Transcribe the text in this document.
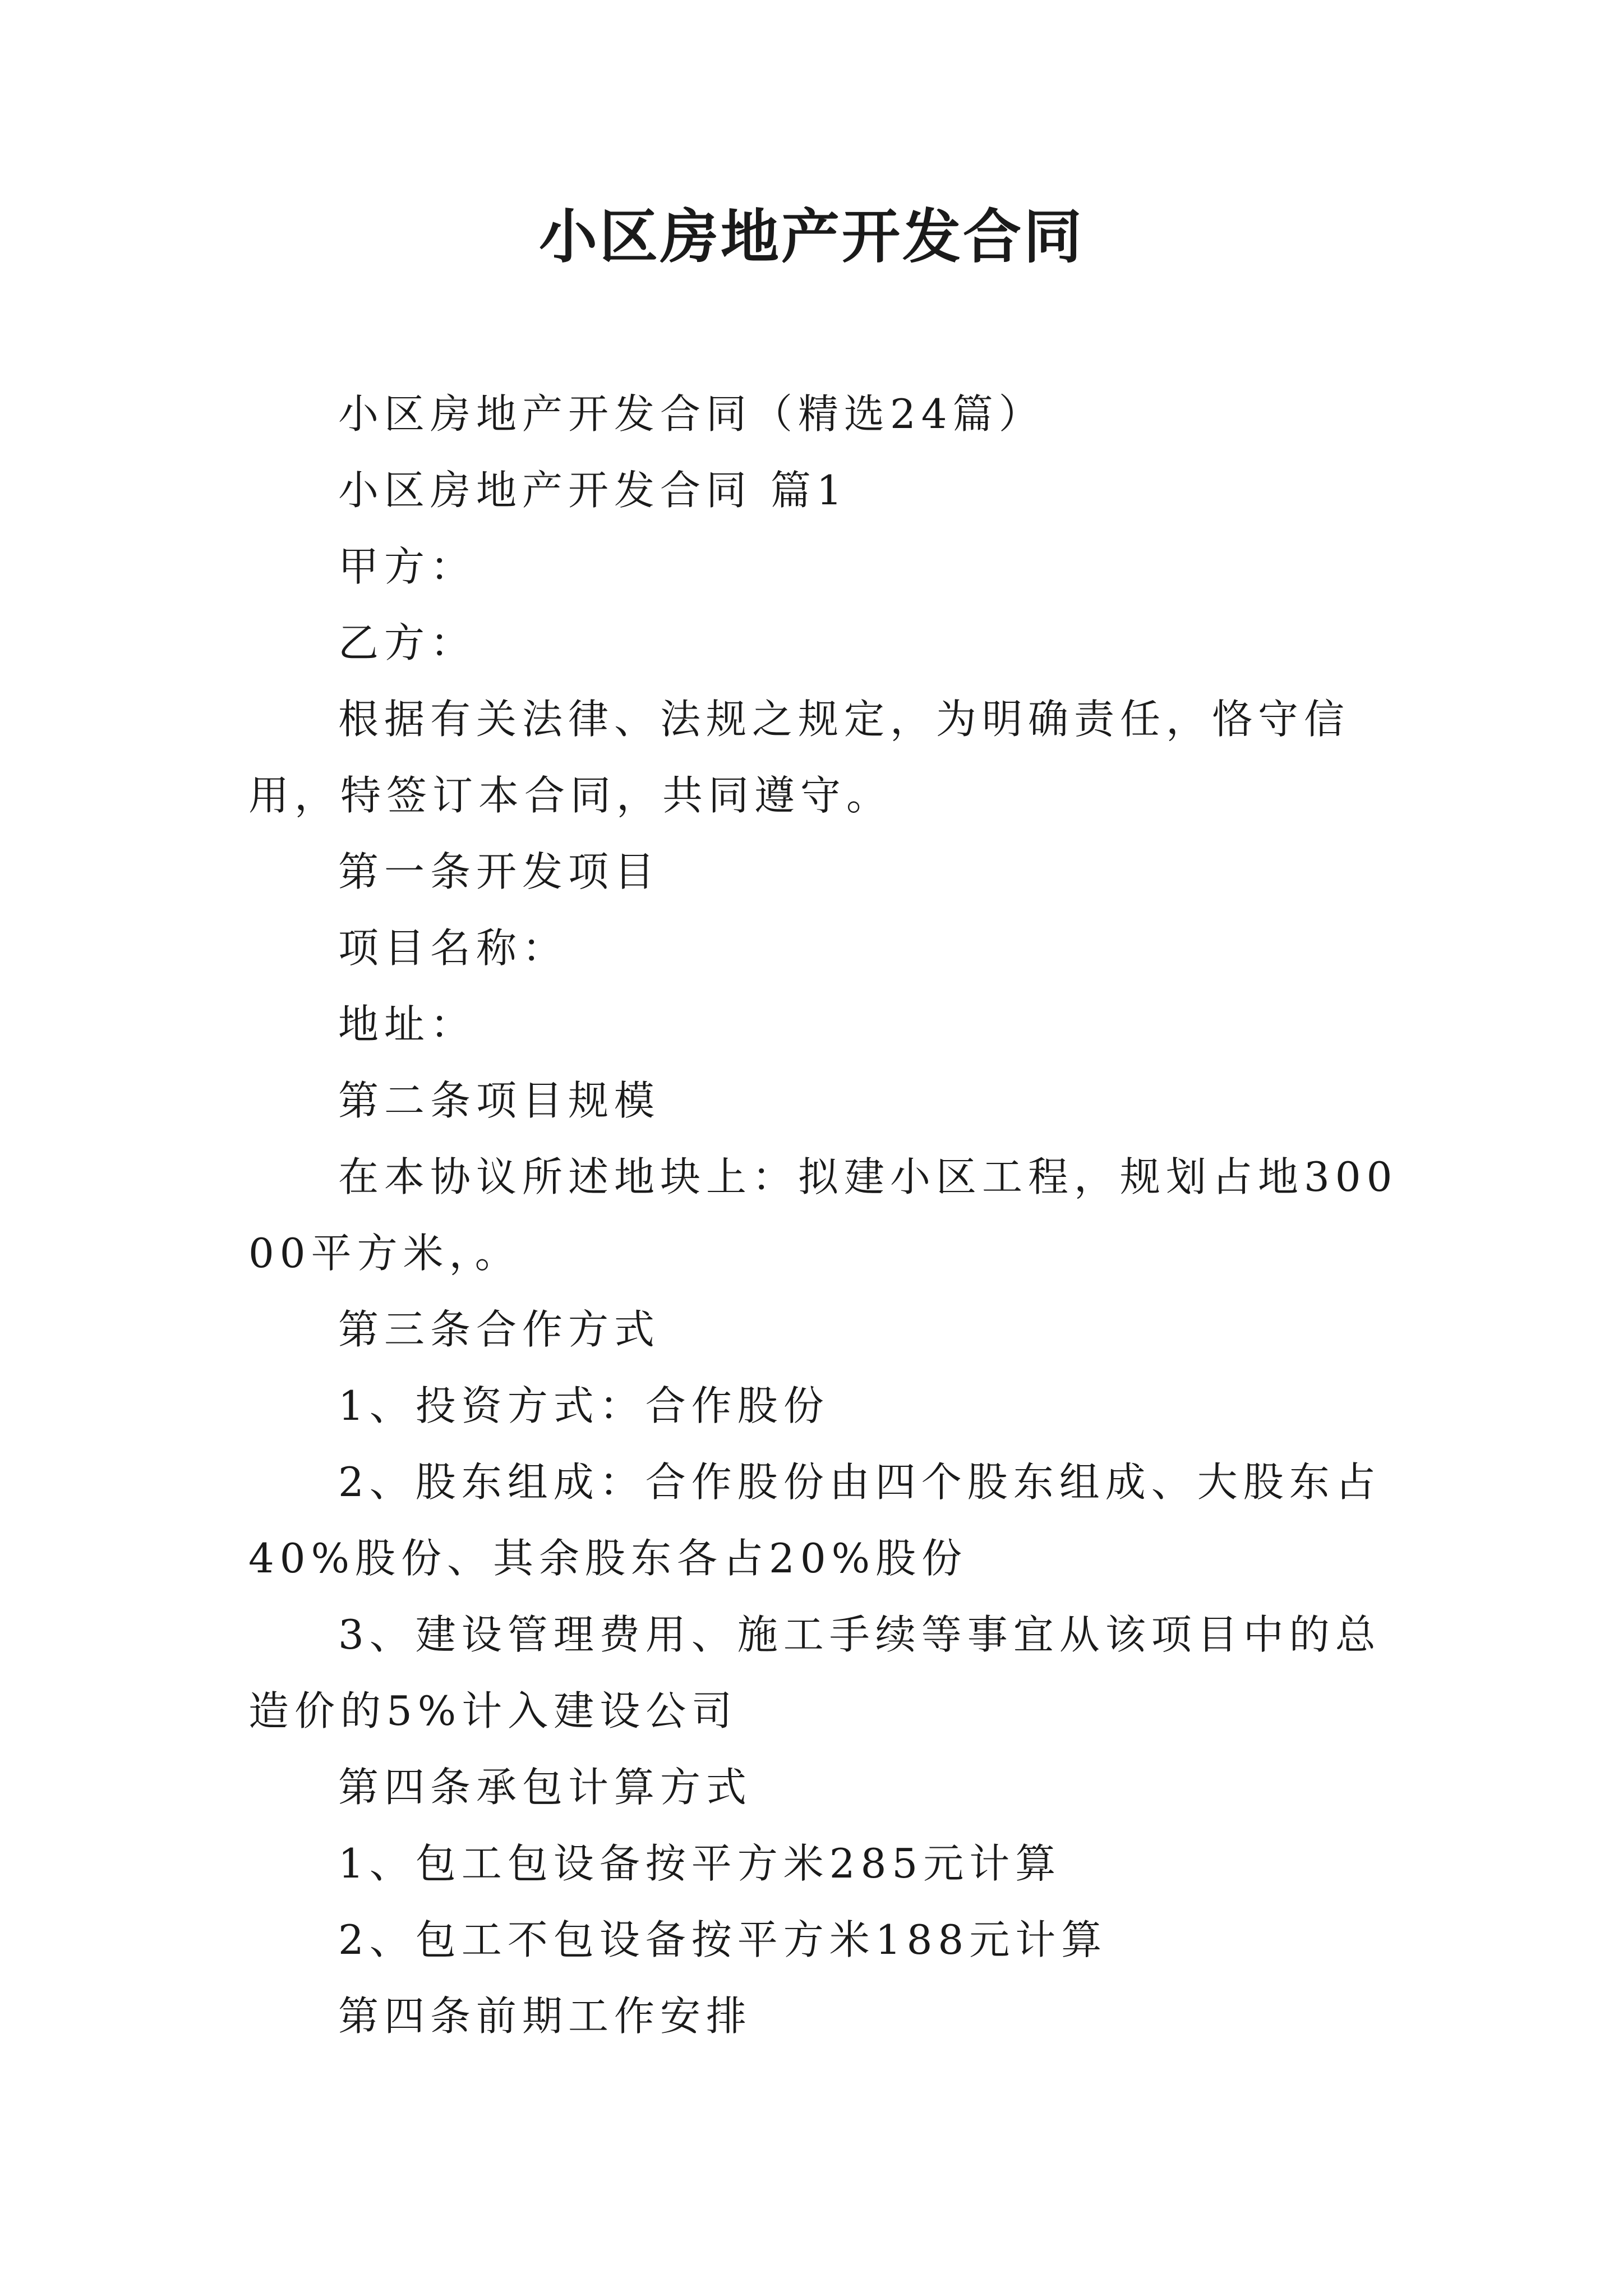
小区房地产开发合同

小区房地产开发合同（精选24篇）

小区房地产开发合同 篇1

甲方：

乙方：

根据有关法律、法规之规定，为明确责任，恪守信用，特签订本合同，共同遵守。

第一条开发项目

项目名称：

地址：

第二条项目规模

在本协议所述地块上：拟建小区工程，规划占地30000平方米，。

第三条合作方式

1、投资方式：合作股份

2、股东组成：合作股份由四个股东组成、大股东占40%股份、其余股东各占20%股份

3、建设管理费用、施工手续等事宜从该项目中的总造价的5%计入建设公司

第四条承包计算方式

1、包工包设备按平方米285元计算

2、包工不包设备按平方米188元计算

第四条前期工作安排
